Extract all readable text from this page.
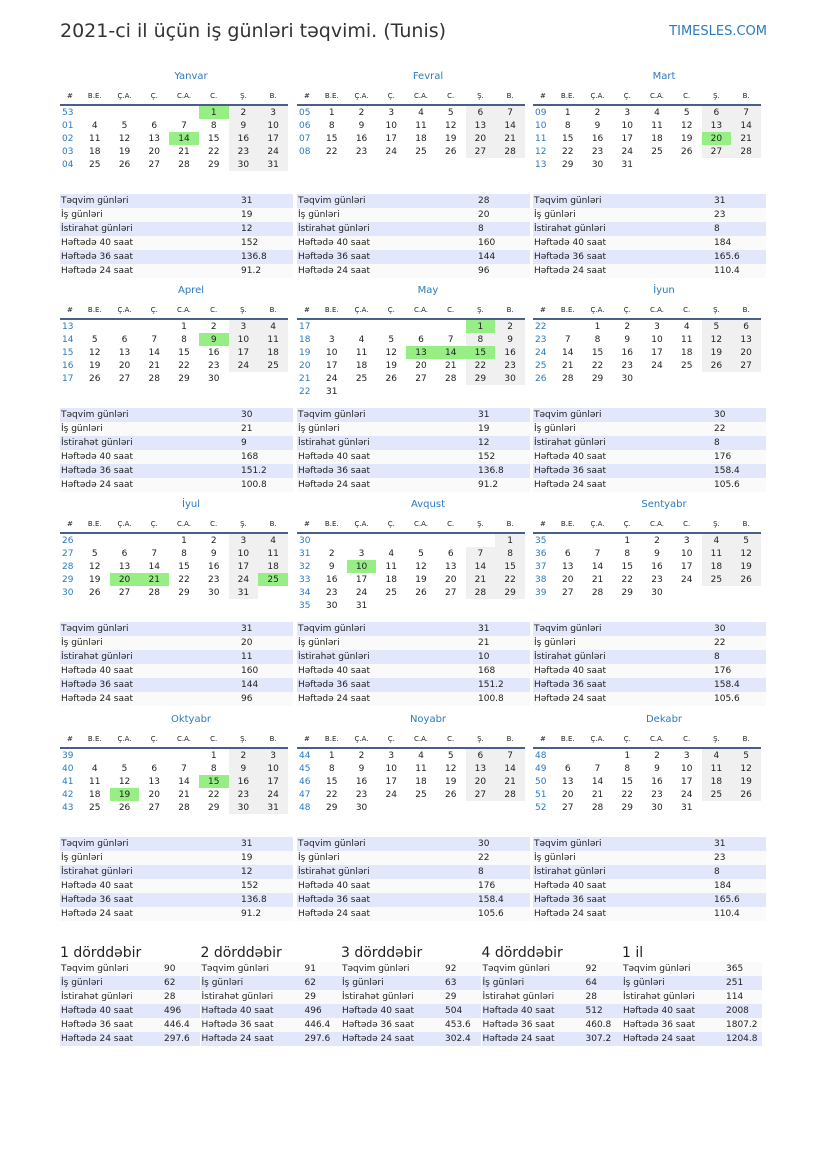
2021-ci il üçün iş günləri təqvimi. (Tunis)	TIMESLES.COM
Yanvar
#	B.E.	Ç.A.	Ç.	C.A.	C.	Ş.	B.
53					1	2	3
01	4	5	6	7	8	9	10
02	11	12	13	14	15	16	17
03	18	19	20	21	22	23	24
04	25	26	27	28	29	30	31
Təqvim günləri	31
İş günləri	19
İstirahət günləri	12
Həftədə 40 saat	152
Həftədə 36 saat	136.8
Həftədə 24 saat	91.2
Fevral
#	B.E.	Ç.A.	Ç.	C.A.	C.	Ş.	B.
05	1	2	3	4	5	6	7
06	8	9	10	11	12	13	14
07	15	16	17	18	19	20	21
08	22	23	24	25	26	27	28
Təqvim günləri	28
İş günləri	20
İstirahət günləri	8
Həftədə 40 saat	160
Həftədə 36 saat	144
Həftədə 24 saat	96
Mart
#	B.E.	Ç.A.	Ç.	C.A.	C.	Ş.	B.
09	1	2	3	4	5	6	7
10	8	9	10	11	12	13	14
11	15	16	17	18	19	20	21
12	22	23	24	25	26	27	28
13	29	30	31				
Təqvim günləri	31
İş günləri	23
İstirahət günləri	8
Həftədə 40 saat	184
Həftədə 36 saat	165.6
Həftədə 24 saat	110.4
Aprel
#	B.E.	Ç.A.	Ç.	C.A.	C.	Ş.	B.
13				1	2	3	4
14	5	6	7	8	9	10	11
15	12	13	14	15	16	17	18
16	19	20	21	22	23	24	25
17	26	27	28	29	30		
Təqvim günləri	30
İş günləri	21
İstirahət günləri	9
Həftədə 40 saat	168
Həftədə 36 saat	151.2
Həftədə 24 saat	100.8
May
#	B.E.	Ç.A.	Ç.	C.A.	C.	Ş.	B.
17						1	2
18	3	4	5	6	7	8	9
19	10	11	12	13	14	15	16
20	17	18	19	20	21	22	23
21	24	25	26	27	28	29	30
22	31						
Təqvim günləri	31
İş günləri	19
İstirahət günləri	12
Həftədə 40 saat	152
Həftədə 36 saat	136.8
Həftədə 24 saat	91.2
İyun
#	B.E.	Ç.A.	Ç.	C.A.	C.	Ş.	B.
22		1	2	3	4	5	6
23	7	8	9	10	11	12	13
24	14	15	16	17	18	19	20
25	21	22	23	24	25	26	27
26	28	29	30				
Təqvim günləri	30
İş günləri	22
İstirahət günləri	8
Həftədə 40 saat	176
Həftədə 36 saat	158.4
Həftədə 24 saat	105.6
İyul
#	B.E.	Ç.A.	Ç.	C.A.	C.	Ş.	B.
26				1	2	3	4
27	5	6	7	8	9	10	11
28	12	13	14	15	16	17	18
29	19	20	21	22	23	24	25
30	26	27	28	29	30	31	
Təqvim günləri	31
İş günləri	20
İstirahət günləri	11
Həftədə 40 saat	160
Həftədə 36 saat	144
Həftədə 24 saat	96
Avqust
#	B.E.	Ç.A.	Ç.	C.A.	C.	Ş.	B.
30							1
31	2	3	4	5	6	7	8
32	9	10	11	12	13	14	15
33	16	17	18	19	20	21	22
34	23	24	25	26	27	28	29
35	30	31					
Təqvim günləri	31
İş günləri	21
İstirahət günləri	10
Həftədə 40 saat	168
Həftədə 36 saat	151.2
Həftədə 24 saat	100.8
Sentyabr
#	B.E.	Ç.A.	Ç.	C.A.	C.	Ş.	B.
35			1	2	3	4	5
36	6	7	8	9	10	11	12
37	13	14	15	16	17	18	19
38	20	21	22	23	24	25	26
39	27	28	29	30			
Təqvim günləri	30
İş günləri	22
İstirahət günləri	8
Həftədə 40 saat	176
Həftədə 36 saat	158.4
Həftədə 24 saat	105.6
Oktyabr
#	B.E.	Ç.A.	Ç.	C.A.	C.	Ş.	B.
39					1	2	3
40	4	5	6	7	8	9	10
41	11	12	13	14	15	16	17
42	18	19	20	21	22	23	24
43	25	26	27	28	29	30	31
Təqvim günləri	31
İş günləri	19
İstirahət günləri	12
Həftədə 40 saat	152
Həftədə 36 saat	136.8
Həftədə 24 saat	91.2
Noyabr
#	B.E.	Ç.A.	Ç.	C.A.	C.	Ş.	B.
44	1	2	3	4	5	6	7
45	8	9	10	11	12	13	14
46	15	16	17	18	19	20	21
47	22	23	24	25	26	27	28
48	29	30					
Təqvim günləri	30
İş günləri	22
İstirahət günləri	8
Həftədə 40 saat	176
Həftədə 36 saat	158.4
Həftədə 24 saat	105.6
Dekabr
#	B.E.	Ç.A.	Ç.	C.A.	C.	Ş.	B.
48			1	2	3	4	5
49	6	7	8	9	10	11	12
50	13	14	15	16	17	18	19
51	20	21	22	23	24	25	26
52	27	28	29	30	31		
Təqvim günləri	31
İş günləri	23
İstirahət günləri	8
Həftədə 40 saat	184
Həftədə 36 saat	165.6
Həftədə 24 saat	110.4
1 dörddəbir
Təqvim günləri	90
İş günləri	62
İstirahət günləri	28
Həftədə 40 saat	496
Həftədə 36 saat	446.4
Həftədə 24 saat	297.6
2 dörddəbir
Təqvim günləri	91
İş günləri	62
İstirahət günləri	29
Həftədə 40 saat	496
Həftədə 36 saat	446.4
Həftədə 24 saat	297.6
3 dörddəbir
Təqvim günləri	92
İş günləri	63
İstirahət günləri	29
Həftədə 40 saat	504
Həftədə 36 saat	453.6
Həftədə 24 saat	302.4
4 dörddəbir
Təqvim günləri	92
İş günləri	64
İstirahət günləri	28
Həftədə 40 saat	512
Həftədə 36 saat	460.8
Həftədə 24 saat	307.2
1 il
Təqvim günləri	365
İş günləri	251
İstirahət günləri	114
Həftədə 40 saat	2008
Həftədə 36 saat	1807.2
Həftədə 24 saat	1204.8
